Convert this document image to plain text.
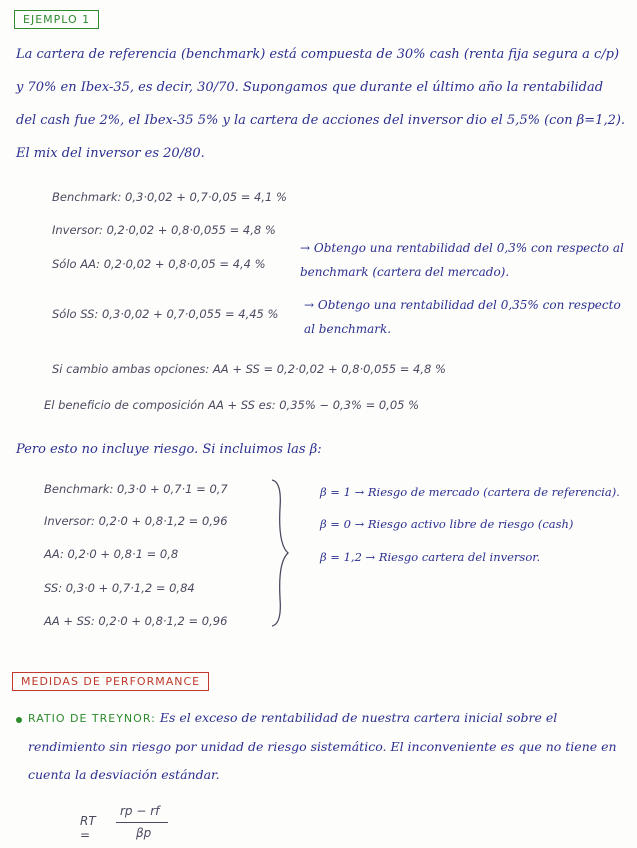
EJEMPLO 1
La cartera de referencia (benchmark) está compuesta de 30% cash (renta fija segura a c/p) y 70% en Ibex-35, es decir, 30/70. Supongamos que durante el último año la rentabilidad del cash fue 2%, el Ibex-35 5% y la cartera de acciones del inversor dio el 5,5% (con β=1,2). El mix del inversor es 20/80.
Benchmark: 0,3·0,02 + 0,7·0,05 = 4,1 %
Inversor: 0,2·0,02 + 0,8·0,055 = 4,8 %
Sólo AA: 0,2·0,02 + 0,8·0,05 = 4,4 %
→ Obtengo una rentabilidad del 0,3% con respecto al benchmark (cartera del mercado).
Sólo SS: 0,3·0,02 + 0,7·0,055 = 4,45 %
→ Obtengo una rentabilidad del 0,35% con respecto al benchmark.
Si cambio ambas opciones: AA + SS = 0,2·0,02 + 0,8·0,055 = 4,8 %
El beneficio de composición AA + SS es: 0,35% − 0,3% = 0,05 %
Pero esto no incluye riesgo. Si incluimos las β:
Benchmark: 0,3·0 + 0,7·1 = 0,7
Inversor: 0,2·0 + 0,8·1,2 = 0,96
AA: 0,2·0 + 0,8·1 = 0,8
SS: 0,3·0 + 0,7·1,2 = 0,84
AA + SS: 0,2·0 + 0,8·1,2 = 0,96
β = 1 → Riesgo de mercado (cartera de referencia).
β = 0 → Riesgo activo libre de riesgo (cash)
β = 1,2 → Riesgo cartera del inversor.
MEDIDAS DE PERFORMANCE
RATIO DE TREYNOR: Es el exceso de rentabilidad de nuestra cartera inicial sobre el rendimiento sin riesgo por unidad de riesgo sistemático. El inconveniente es que no tiene en cuenta la desviación estándar.
RT =
rp − rf
βp
